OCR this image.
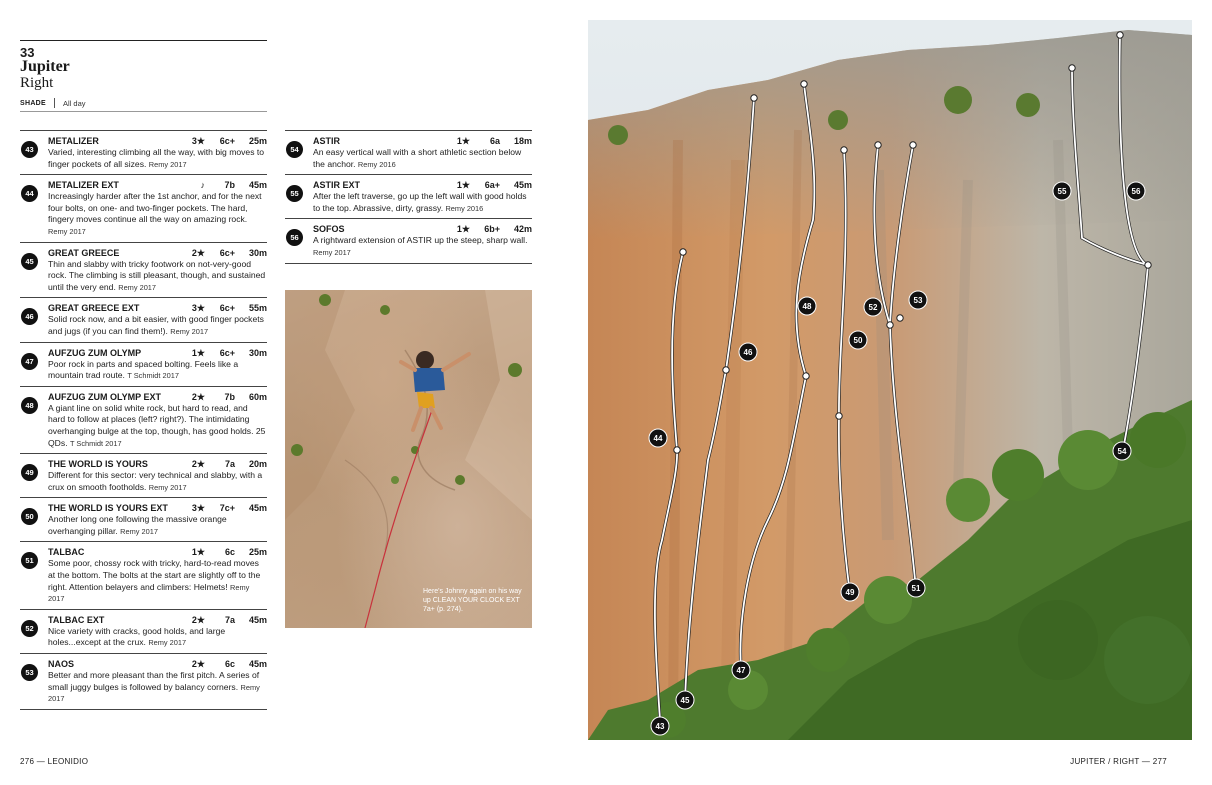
33
Jupiter
Right
SHADE All day
43
METALIZER	3★	6c+	25m
Varied, interesting climbing all the way, with big moves to finger pockets of all sizes. Remy 2017
44
METALIZER EXT	♪	7b	45m
Increasingly harder after the 1st anchor, and for the next four bolts, on one- and two-finger pockets. The hard, fingery moves continue all the way on amazing rock. Remy 2017
45
GREAT GREECE	2★	6c+	30m
Thin and slabby with tricky footwork on not-very-good rock. The climbing is still pleasant, though, and sustained until the very end. Remy 2017
46
GREAT GREECE EXT	3★	6c+	55m
Solid rock now, and a bit easier, with good finger pockets and jugs (if you can find them!). Remy 2017
47
AUFZUG ZUM OLYMP	1★	6c+	30m
Poor rock in parts and spaced bolting. Feels like a mountain trad route. T Schmidt 2017
48
AUFZUG ZUM OLYMP EXT	2★	7b	60m
A giant line on solid white rock, but hard to read, and hard to follow at places (left? right?). The intimidating overhanging bulge at the top, though, has good holds. 25 QDs. T Schmidt 2017
49
THE WORLD IS YOURS	2★	7a	20m
Different for this sector: very technical and slabby, with a crux on smooth footholds. Remy 2017
50
THE WORLD IS YOURS EXT	3★	7c+	45m
Another long one following the massive orange overhanging pillar. Remy 2017
51
TALBAC	1★	6c	25m
Some poor, chossy rock with tricky, hard-to-read moves at the bottom. The bolts at the start are slightly off to the right. Attention belayers and climbers: Helmets! Remy 2017
52
TALBAC EXT	2★	7a	45m
Nice variety with cracks, good holds, and large holes...except at the crux. Remy 2017
53
NAOS	2★	6c	45m
Better and more pleasant than the first pitch. A series of small juggy bulges is followed by balancy corners. Remy 2017
54
ASTIR	1★	6a	18m
An easy vertical wall with a short athletic section below the anchor. Remy 2016
55
ASTIR EXT	1★	6a+	45m
After the left traverse, go up the left wall with good holds to the top. Abrassive, dirty, grassy. Remy 2016
56
SOFOS	1★	6b+	42m
A rightward extension of ASTIR up the steep, sharp wall. Remy 2017
Here's Johnny again on his way up CLEAN YOUR CLOCK EXT 7a+ (p. 274).
43
44
45
46
47
48
49
50
51
52
53
54
55	56
276 — LEONIDIO	JUPITER / RIGHT — 277
